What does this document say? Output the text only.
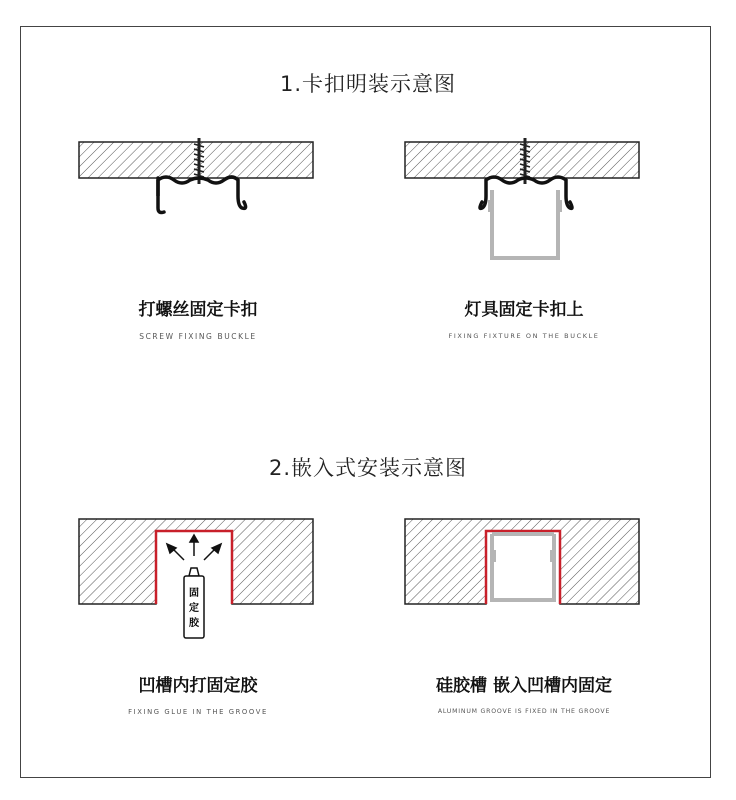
1.卡扣明装示意图
打螺丝固定卡扣
SCREW FIXING BUCKLE
灯具固定卡扣上
FIXING FIXTURE ON THE BUCKLE
2.嵌入式安装示意图
固
定
胶
凹槽内打固定胶
FIXING GLUE IN THE GROOVE
硅胶槽 嵌入凹槽内固定
ALUMINUM GROOVE IS FIXED IN THE GROOVE
